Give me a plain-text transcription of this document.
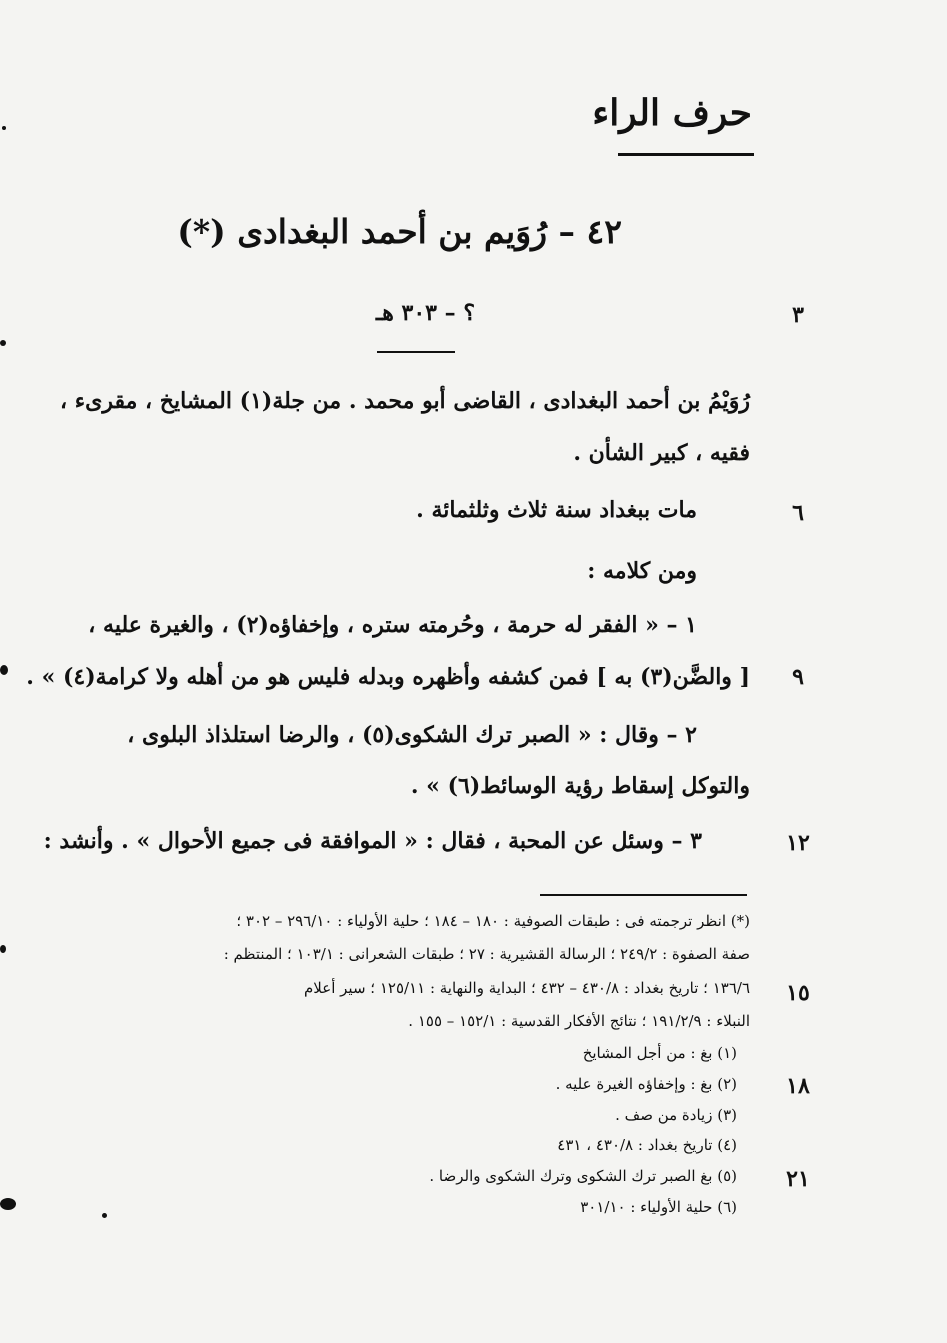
حرف الراء
٤٢ – رُوَيم بن أحمد البغدادى (*)
؟ – ٣٠٣ هـ
رُوَيْمُ بن أحمد البغدادى ، القاضى أبو محمد . من جلة(١) المشايخ ، مقرىء ،
فقيه ، كبير الشأن .
مات ببغداد سنة ثلاث وثلثمائة .
ومن كلامه :
١ – « الفقر له حرمة ، وحُرمته ستره ، وإخفاؤه(٢) ، والغيرة عليه ،
[ والضَّن(٣) به ] فمن كشفه وأظهره وبدله فليس هو من أهله ولا كرامة(٤) » .
٢ – وقال : « الصبر ترك الشكوى(٥) ، والرضا استلذاذ البلوى ،
والتوكل إسقاط رؤية الوسائط(٦) » .
٣ – وسئل عن المحبة ، فقال : « الموافقة فى جميع الأحوال » . وأنشد :
(*) انظر ترجمته فى : طبقات الصوفية : ١٨٠ – ١٨٤ ؛ حلية الأولياء : ٢٩٦/١٠ – ٣٠٢ ؛
صفة الصفوة : ٢٤٩/٢ ؛ الرسالة القشيرية : ٢٧ ؛ طبقات الشعرانى : ١٠٣/١ ؛ المنتظم :
١٣٦/٦ ؛ تاريخ بغداد : ٤٣٠/٨ – ٤٣٢ ؛ البداية والنهاية : ١٢٥/١١ ؛ سير أعلام
النبلاء : ١٩١/٢/٩ ؛ نتائج الأفكار القدسية : ١٥٢/١ – ١٥٥ .
(١) بغ : من أجل المشايخ
(٢) بغ : وإخفاؤه الغيرة عليه .
(٣) زيادة من صف .
(٤) تاريخ بغداد : ٤٣٠/٨ ، ٤٣١
(٥) بغ الصبر ترك الشكوى وترك الشكوى والرضا .
(٦) حلية الأولياء : ٣٠١/١٠
٣
٦
٩
١٢
١٥
١٨
٢١
